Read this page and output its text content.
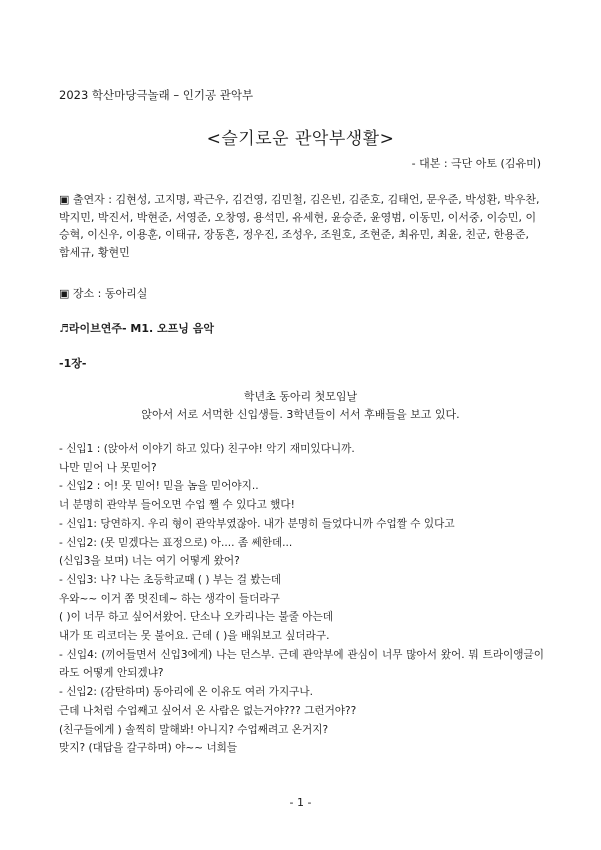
2023 학산마당극놀래 – 인기공 관악부
<슬기로운 관악부생활>
- 대본 : 극단 아토 (김유미)
▣ 출연자 : 김현성, 고지명, 곽근우, 김건영, 김민철, 김은빈, 김준호, 김태언, 문우준, 박성환, 박우찬, 박지민, 박진서, 박현준, 서영준, 오창영, 용석민, 유세현, 윤승준, 윤영범, 이동민, 이서중, 이승민, 이승혁, 이신우, 이용훈, 이태규, 장동흔, 정우진, 조성우, 조원호, 조현준, 최유민, 최윤, 친군, 한용준, 함세규, 황현민
▣ 장소 : 동아리실
♬라이브연주- M1. 오프닝 음악
-1장-
학년초 동아리 첫모임날
앉아서 서로 서먹한 신입생들. 3학년들이 서서 후배들을 보고 있다.
- 신입1 : (앉아서 이야기 하고 있다) 친구야! 악기 재미있다니까.
나만 믿어 나 못믿어?
- 신입2 : 어! 못 믿어! 믿을 놈을 믿어야지..
너 분명히 관악부 들어오면 수업 쨀 수 있다고 했다!
- 신입1: 당연하지. 우리 형이 관악부였잖아. 내가 분명히 들었다니까 수업짤 수 있다고
- 신입2: (못 믿겠다는 표정으로) 아.... 좀 쎄한데...
(신입3을 보며) 너는 여기 어떻게 왔어?
- 신입3: 나? 나는 초등학교때 ( ) 부는 걸 봤는데
우와~~ 이거 쫌 멋진데~ 하는 생각이 들더라구
( )이 너무 하고 싶어서왔어. 단소나 오카리나는 불줄 아는데
내가 또 리코더는 못 불어요. 근데 ( )을 배워보고 싶더라구.
- 신입4: (끼어들면서 신입3에게) 나는 던스부. 근데 관악부에 관심이 너무 많아서 왔어. 뭐 트라이앵글이라도 어떻게 안되겠냐?
- 신입2: (감탄하며) 동아리에 온 이유도 여러 가지구나.
근데 나처럼 수업째고 싶어서 온 사람은 없는거야??? 그런거야??
(친구들에게 ) 솔찍히 말해봐! 아니지? 수업째려고 온거지?
맞지? (대답을 갈구하며) 야~~ 너희들
- 1 -
